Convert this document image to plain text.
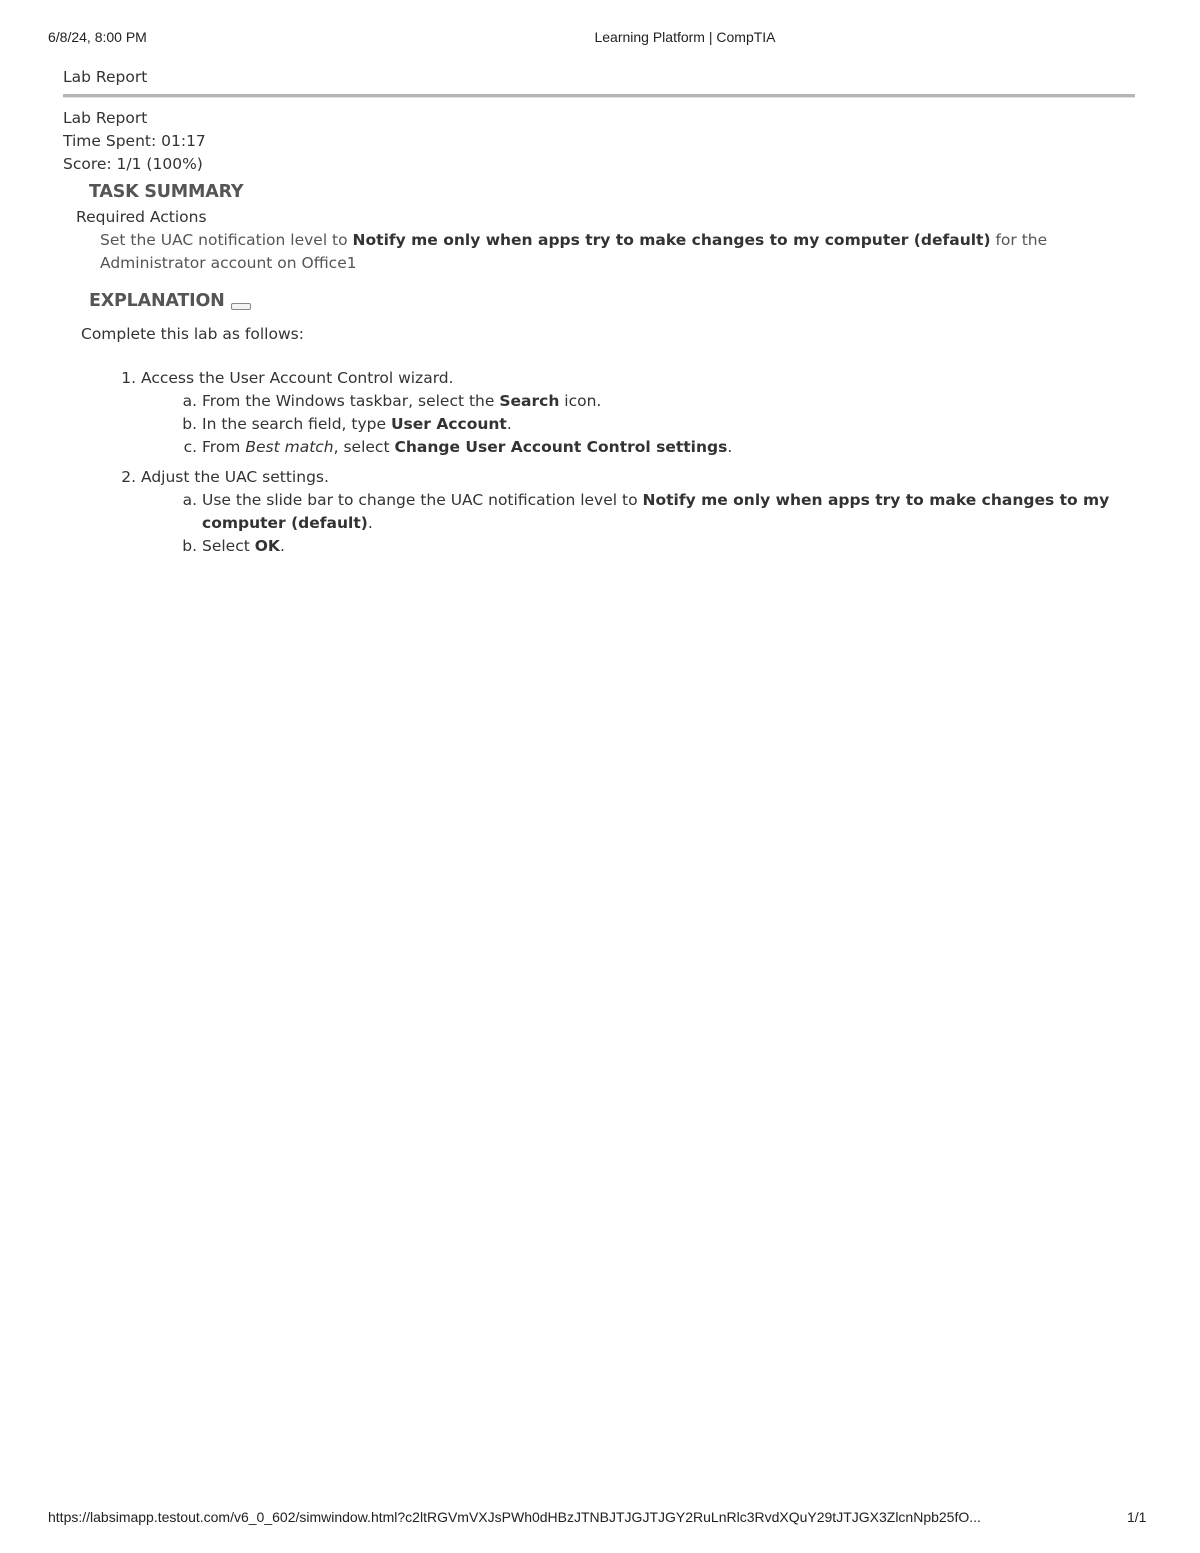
6/8/24, 8:00 PM	Learning Platform | CompTIA
Lab Report
Lab Report
Time Spent: 01:17
Score: 1/1 (100%)
TASK SUMMARY
Required Actions
Set the UAC notification level to Notify me only when apps try to make changes to my computer (default) for the Administrator account on Office1
EXPLANATION
Complete this lab as follows:
1. Access the User Account Control wizard.
a. From the Windows taskbar, select the Search icon.
b. In the search field, type User Account.
c. From Best match, select Change User Account Control settings.
2. Adjust the UAC settings.
a. Use the slide bar to change the UAC notification level to Notify me only when apps try to make changes to my computer (default).
b. Select OK.
https://labsimapp.testout.com/v6_0_602/simwindow.html?c2ltRGVmVXJsPWh0dHBzJTNBJTJGJTJGY2RuLnRlc3RvdXQuY29tJTJGX3ZlcnNpb25fO...	1/1
